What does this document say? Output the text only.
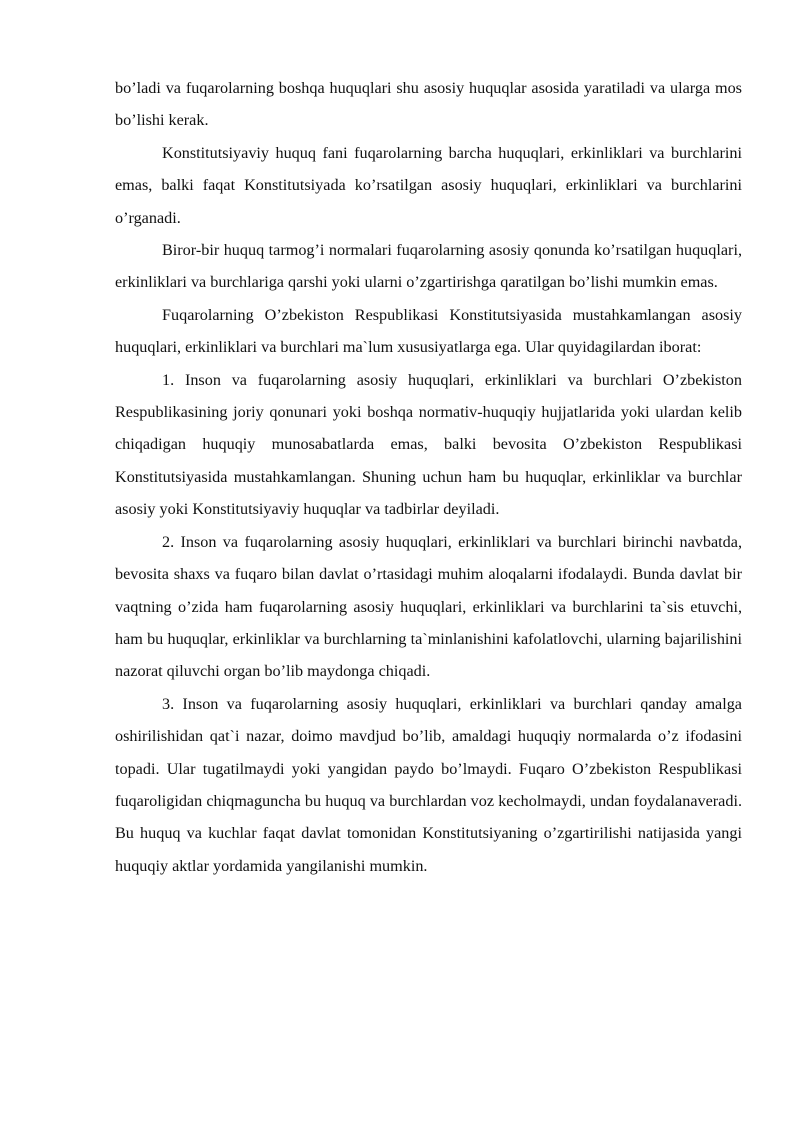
bo’ladi va fuqarolarning boshqa huquqlari shu asosiy huquqlar asosida yaratiladi va ularga mos bo’lishi kerak.

Konstitutsiyaviy huquq fani fuqarolarning barcha huquqlari, erkinliklari va burchlarini emas, balki faqat Konstitutsiyada ko’rsatilgan asosiy huquqlari, erkinliklari va burchlarini o’rganadi.

Biror-bir huquq tarmog’i normalari fuqarolarning asosiy qonunda ko’rsatilgan huquqlari, erkinliklari va burchlariga qarshi yoki ularni o’zgartirishga qaratilgan bo’lishi mumkin emas.

Fuqarolarning O’zbekiston Respublikasi Konstitutsiyasida mustahkamlangan asosiy huquqlari, erkinliklari va burchlari ma`lum xususiyatlarga ega. Ular quyidagilardan iborat:

1. Inson va fuqarolarning asosiy huquqlari, erkinliklari va burchlari O’zbekiston Respublikasining joriy qonunari yoki boshqa normativ-huquqiy hujjatlarida yoki ulardan kelib chiqadigan huquqiy munosabatlarda emas, balki bevosita O’zbekiston Respublikasi Konstitutsiyasida mustahkamlangan. Shuning uchun ham bu huquqlar, erkinliklar va burchlar asosiy yoki Konstitutsiyaviy huquqlar va tadbirlar deyiladi.

2. Inson va fuqarolarning asosiy huquqlari, erkinliklari va burchlari birinchi navbatda, bevosita shaxs va fuqaro bilan davlat o’rtasidagi muhim aloqalarni ifodalaydi. Bunda davlat bir vaqtning o’zida ham fuqarolarning asosiy huquqlari, erkinliklari va burchlarini ta`sis etuvchi, ham bu huquqlar, erkinliklar va burchlarning ta`minlanishini kafolatlovchi, ularning bajarilishini nazorat qiluvchi organ bo’lib maydonga chiqadi.

3. Inson va fuqarolarning asosiy huquqlari, erkinliklari va burchlari qanday amalga oshirilishidan qat`i nazar, doimo mavdjud bo’lib, amaldagi huquqiy normalarda o’z ifodasini topadi. Ular tugatilmaydi yoki yangidan paydo bo’lmaydi. Fuqaro O’zbekiston Respublikasi fuqaroligidan chiqmaguncha bu huquq va burchlardan voz kecholmaydi, undan foydalanaveradi. Bu huquq va kuchlar faqat davlat tomonidan Konstitutsiyaning o’zgartirilishi natijasida yangi huquqiy aktlar yordamida yangilanishi mumkin.
